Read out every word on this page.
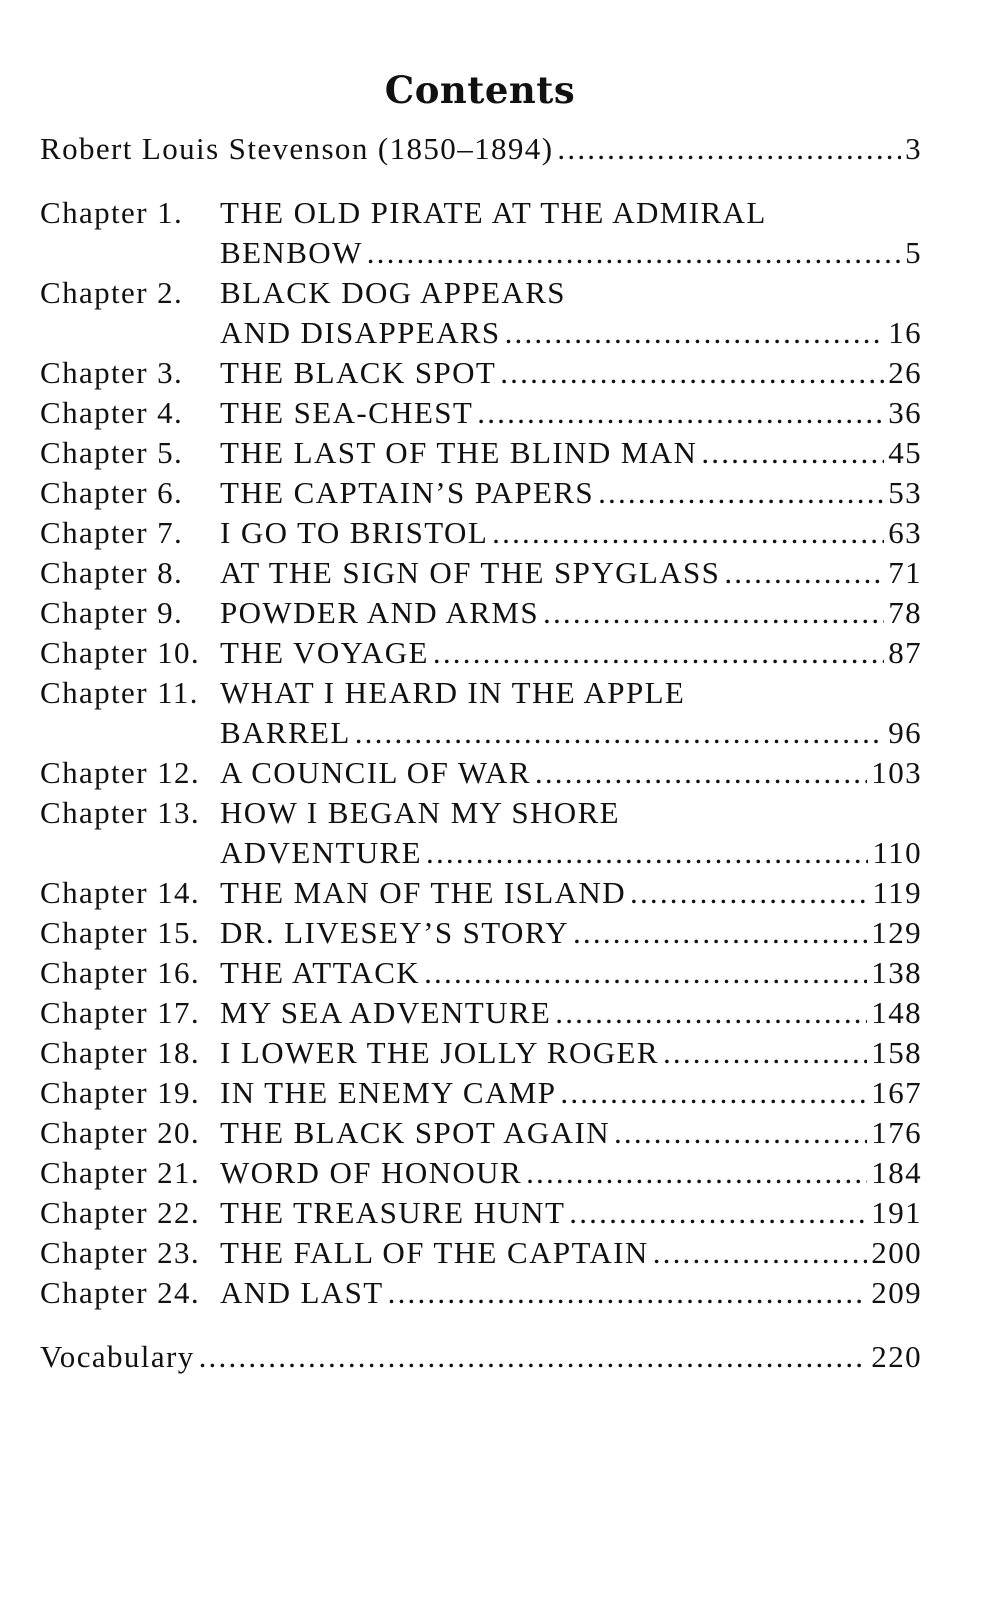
Contents
Robert Louis Stevenson (1850–1894) .....	3
Chapter 1.	THE OLD PIRATE AT THE ADMIRAL
BENBOW .....	5
Chapter 2.	BLACK DOG APPEARS
AND DISAPPEARS .....	16
Chapter 3.	THE BLACK SPOT .....	26
Chapter 4.	THE SEA-CHEST .....	36
Chapter 5.	THE LAST OF THE BLIND MAN .....	45
Chapter 6.	THE CAPTAIN’S PAPERS .....	53
Chapter 7.	I GO TO BRISTOL .....	63
Chapter 8.	AT THE SIGN OF THE SPYGLASS .....	71
Chapter 9.	POWDER AND ARMS .....	78
Chapter 10. THE VOYAGE .....	87
Chapter 11. WHAT I HEARD IN THE APPLE
BARREL .....	96
Chapter 12. A COUNCIL OF WAR .....	103
Chapter 13. HOW I BEGAN MY SHORE
ADVENTURE .....	110
Chapter 14. THE MAN OF THE ISLAND .....	119
Chapter 15. DR. LIVESEY’S STORY .....	129
Chapter 16. THE ATTACK .....	138
Chapter 17. MY SEA ADVENTURE .....	148
Chapter 18. I LOWER THE JOLLY ROGER .....	158
Chapter 19. IN THE ENEMY CAMP .....	167
Chapter 20. THE BLACK SPOT AGAIN .....	176
Chapter 21. WORD OF HONOUR .....	184
Chapter 22. THE TREASURE HUNT .....	191
Chapter 23. THE FALL OF THE CAPTAIN .....	200
Chapter 24. AND LAST .....	209
Vocabulary .....	220
